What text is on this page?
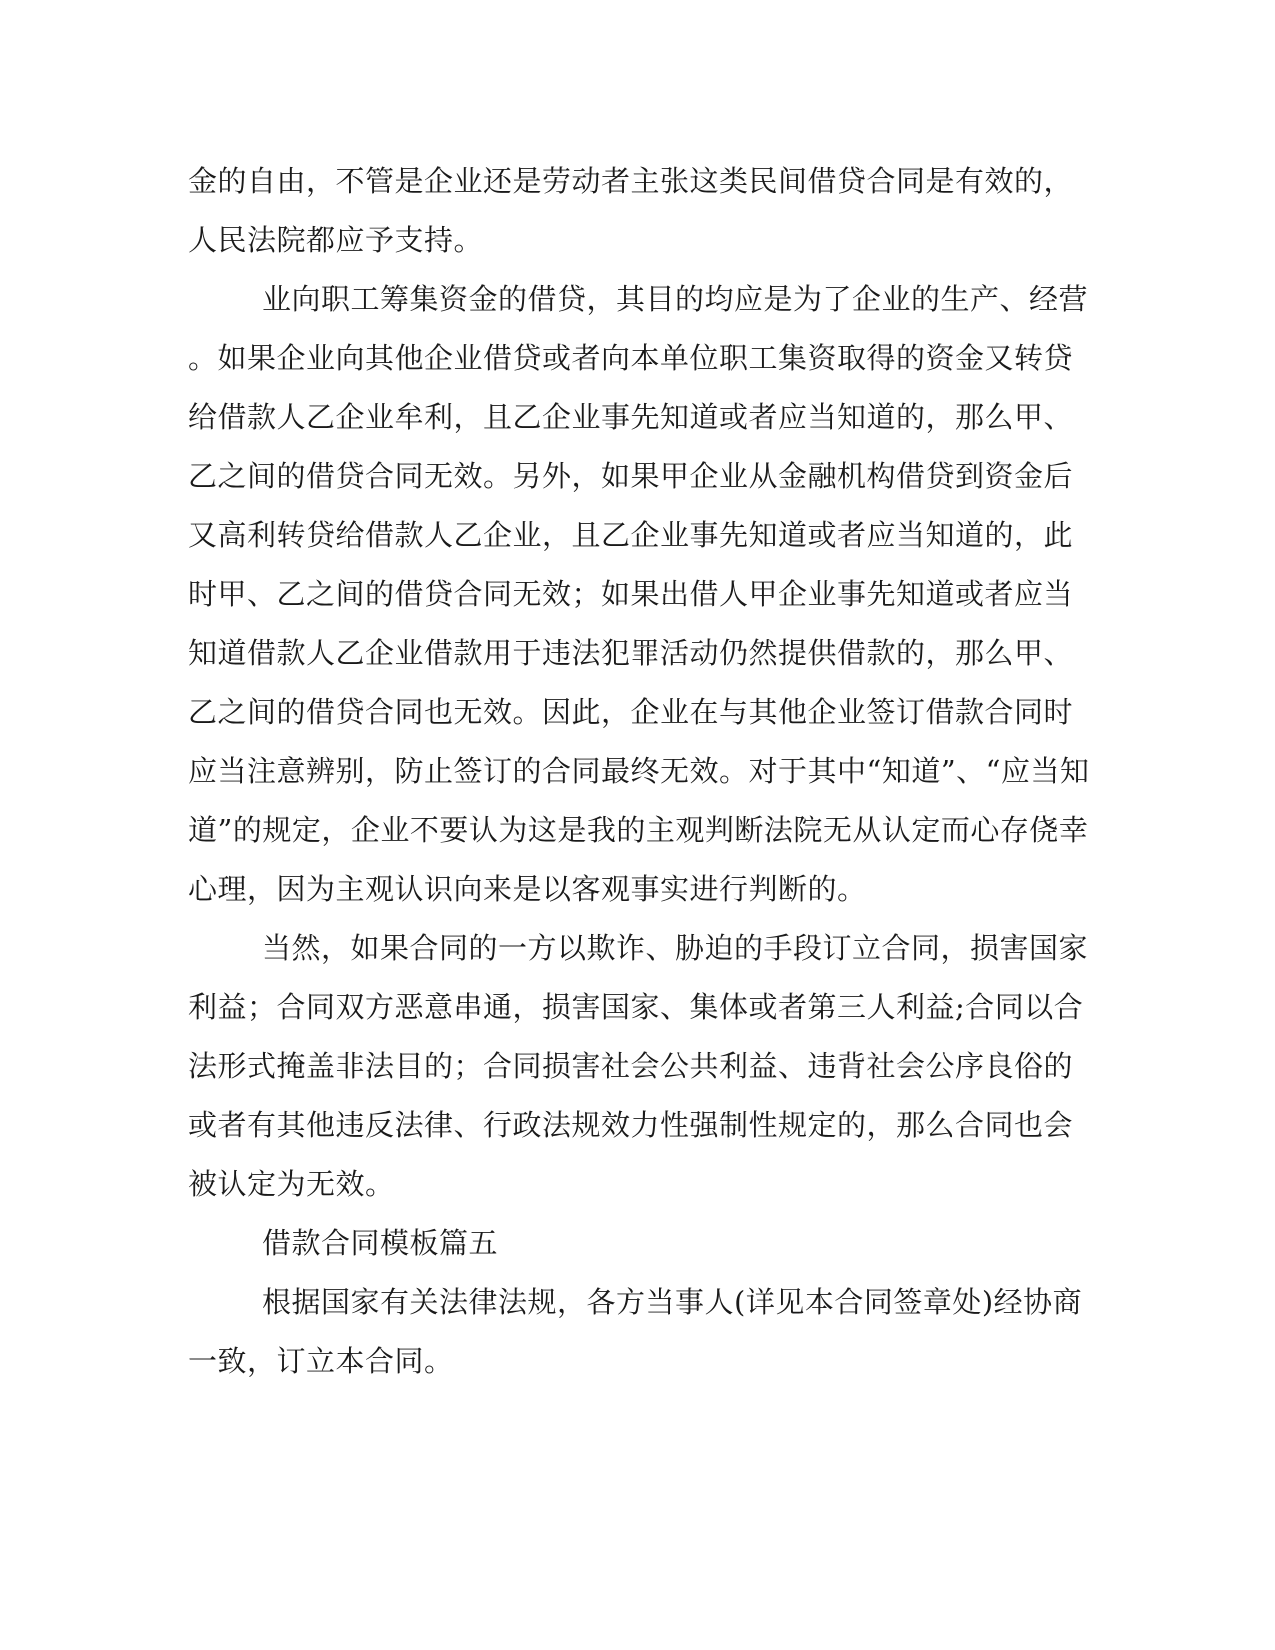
金的自由，不管是企业还是劳动者主张这类民间借贷合同是有效的，
人民法院都应予支持。
业向职工筹集资金的借贷，其目的均应是为了企业的生产、经营
。如果企业向其他企业借贷或者向本单位职工集资取得的资金又转贷
给借款人乙企业牟利，且乙企业事先知道或者应当知道的，那么甲、
乙之间的借贷合同无效。另外，如果甲企业从金融机构借贷到资金后
又高利转贷给借款人乙企业，且乙企业事先知道或者应当知道的，此
时甲、乙之间的借贷合同无效；如果出借人甲企业事先知道或者应当
知道借款人乙企业借款用于违法犯罪活动仍然提供借款的，那么甲、
乙之间的借贷合同也无效。因此，企业在与其他企业签订借款合同时
应当注意辨别，防止签订的合同最终无效。对于其中“知道”、“应当知
道”的规定，企业不要认为这是我的主观判断法院无从认定而心存侥幸
心理，因为主观认识向来是以客观事实进行判断的。
当然，如果合同的一方以欺诈、胁迫的手段订立合同，损害国家
利益；合同双方恶意串通，损害国家、集体或者第三人利益;合同以合
法形式掩盖非法目的；合同损害社会公共利益、违背社会公序良俗的
或者有其他违反法律、行政法规效力性强制性规定的，那么合同也会
被认定为无效。
借款合同模板篇五
根据国家有关法律法规，各方当事人(详见本合同签章处)经协商
一致，订立本合同。
